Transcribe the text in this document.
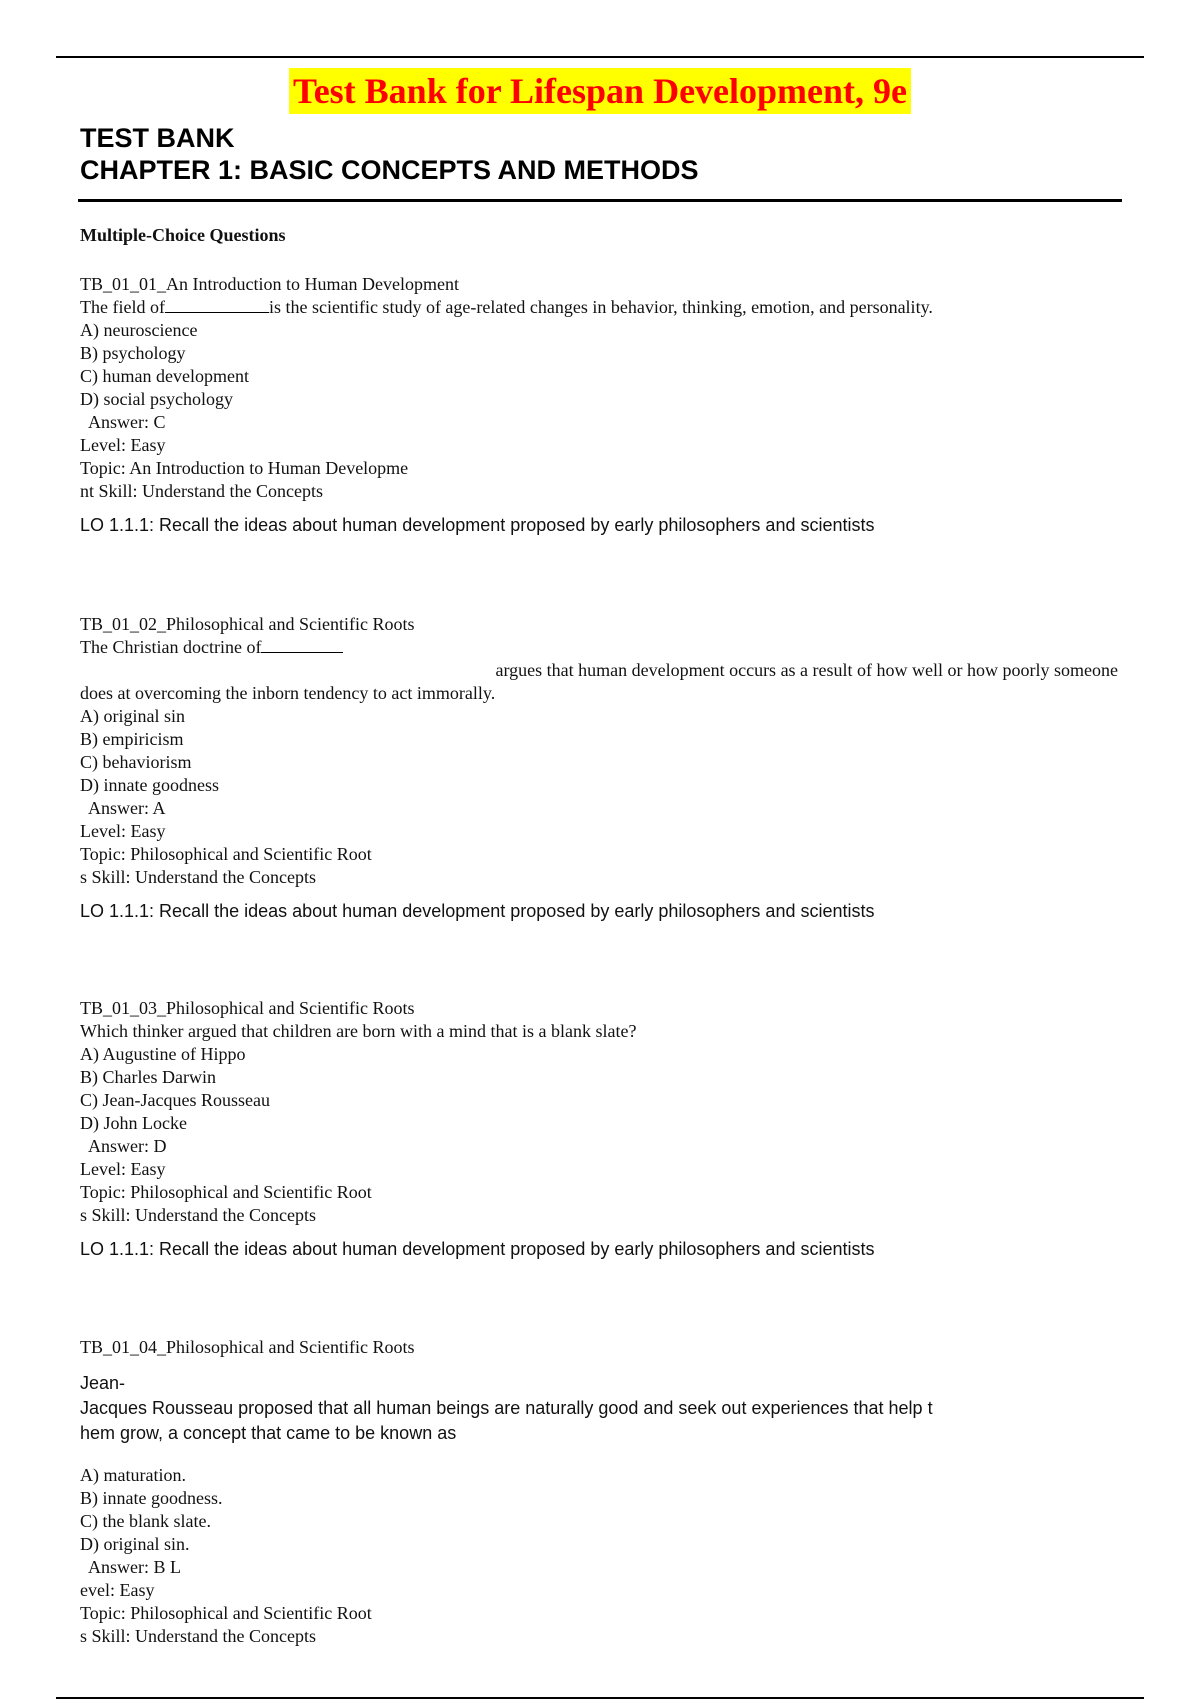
Test Bank for Lifespan Development, 9e
TEST BANK
CHAPTER 1: BASIC CONCEPTS AND METHODS
Multiple-Choice Questions
TB_01_01_An Introduction to Human Development
The field of	is the scientific study of age-related changes in behavior, thinking, emotion, and personality.
A) neuroscience
B) psychology
C) human development
D) social psychology
Answer: C
Level: Easy
Topic: An Introduction to Human Developme
nt Skill: Understand the Concepts
LO 1.1.1: Recall the ideas about human development proposed by early philosophers and scientists
TB_01_02_Philosophical and Scientific Roots
The Christian doctrine of
argues that human development occurs as a result of how well or how poorly someone
does at overcoming the inborn tendency to act immorally.
A) original sin
B) empiricism
C) behaviorism
D) innate goodness
Answer: A
Level: Easy
Topic: Philosophical and Scientific Root
s Skill: Understand the Concepts
LO 1.1.1: Recall the ideas about human development proposed by early philosophers and scientists
TB_01_03_Philosophical and Scientific Roots
Which thinker argued that children are born with a mind that is a blank slate?
A) Augustine of Hippo
B) Charles Darwin
C) Jean-Jacques Rousseau
D) John Locke
Answer: D
Level: Easy
Topic: Philosophical and Scientific Root
s Skill: Understand the Concepts
LO 1.1.1: Recall the ideas about human development proposed by early philosophers and scientists
TB_01_04_Philosophical and Scientific Roots
Jean-
Jacques Rousseau proposed that all human beings are naturally good and seek out experiences that help t
hem grow, a concept that came to be known as
A) maturation.
B) innate goodness.
C) the blank slate.
D) original sin.
Answer: B L
evel: Easy
Topic: Philosophical and Scientific Root
s Skill: Understand the Concepts
